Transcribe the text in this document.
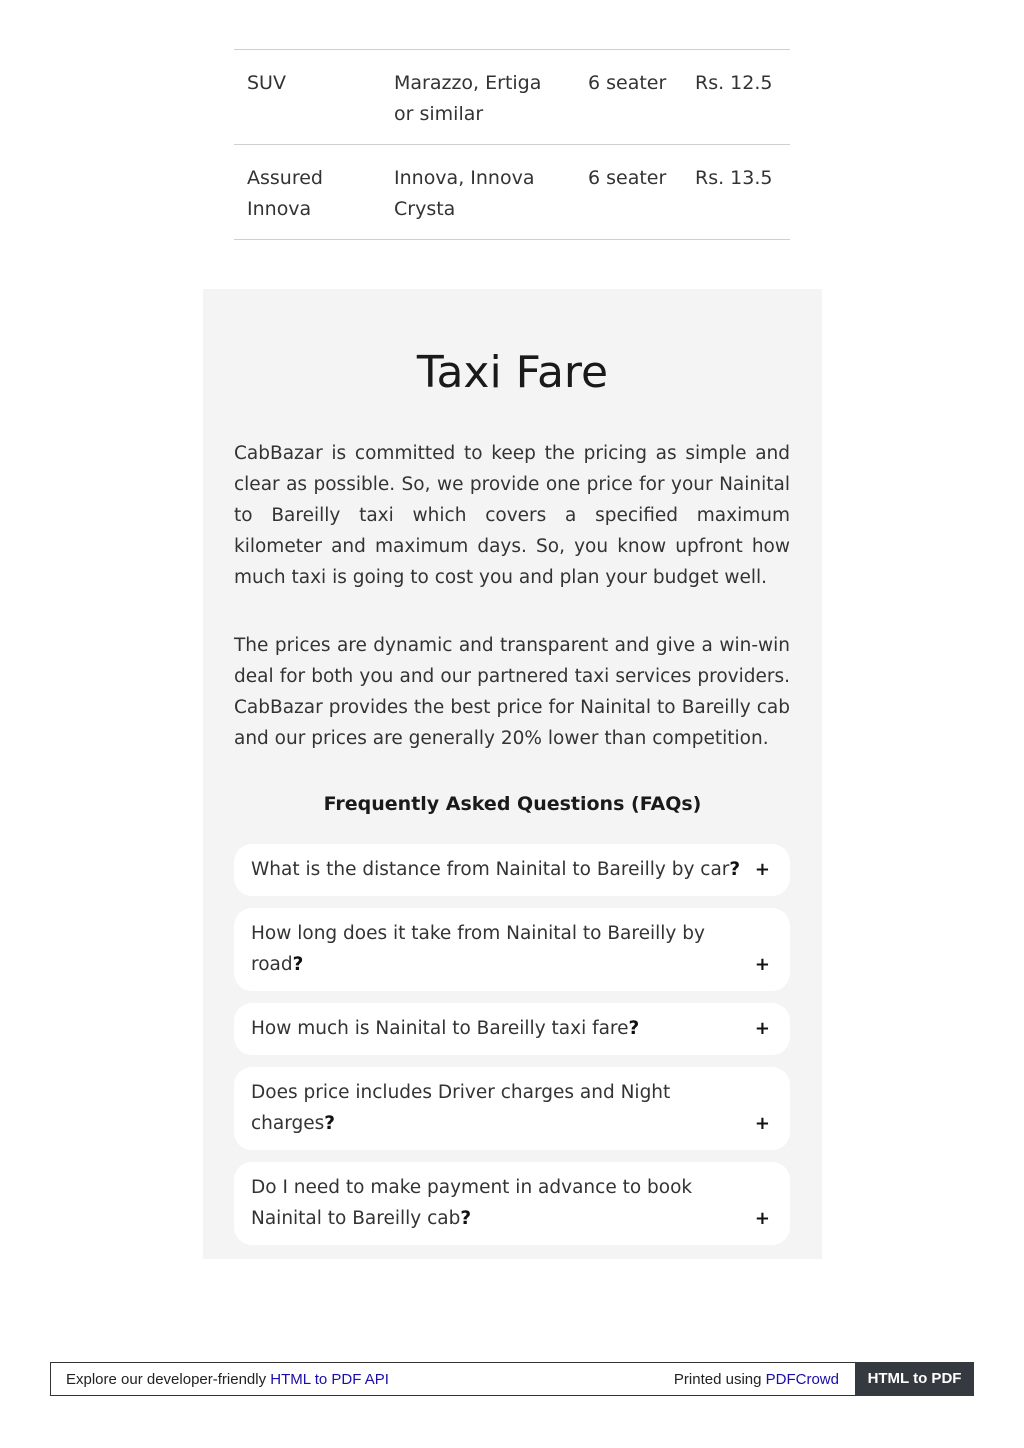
SUV	Marazzo, Ertiga or similar	6 seater	Rs. 12.5
Assured Innova	Innova, Innova Crysta	6 seater	Rs. 13.5
Taxi Fare

CabBazar is committed to keep the pricing as simple and clear as possible. So, we provide one price for your Nainital to Bareilly taxi which covers a specified maximum kilometer and maximum days. So, you know upfront how much taxi is going to cost you and plan your budget well.

The prices are dynamic and transparent and give a win-win deal for both you and our partnered taxi services providers. CabBazar provides the best price for Nainital to Bareilly cab and our prices are generally 20% lower than competition.

Frequently Asked Questions (FAQs)
What is the distance from Nainital to Bareilly by car? +
How long does it take from Nainital to Bareilly by road?	+
How much is Nainital to Bareilly taxi fare?	+
Does price includes Driver charges and Night charges?	+
Do I need to make payment in advance to book Nainital to Bareilly cab?	+
Explore our developer-friendly HTML to PDF API	Printed using PDFCrowd	HTML to PDF
